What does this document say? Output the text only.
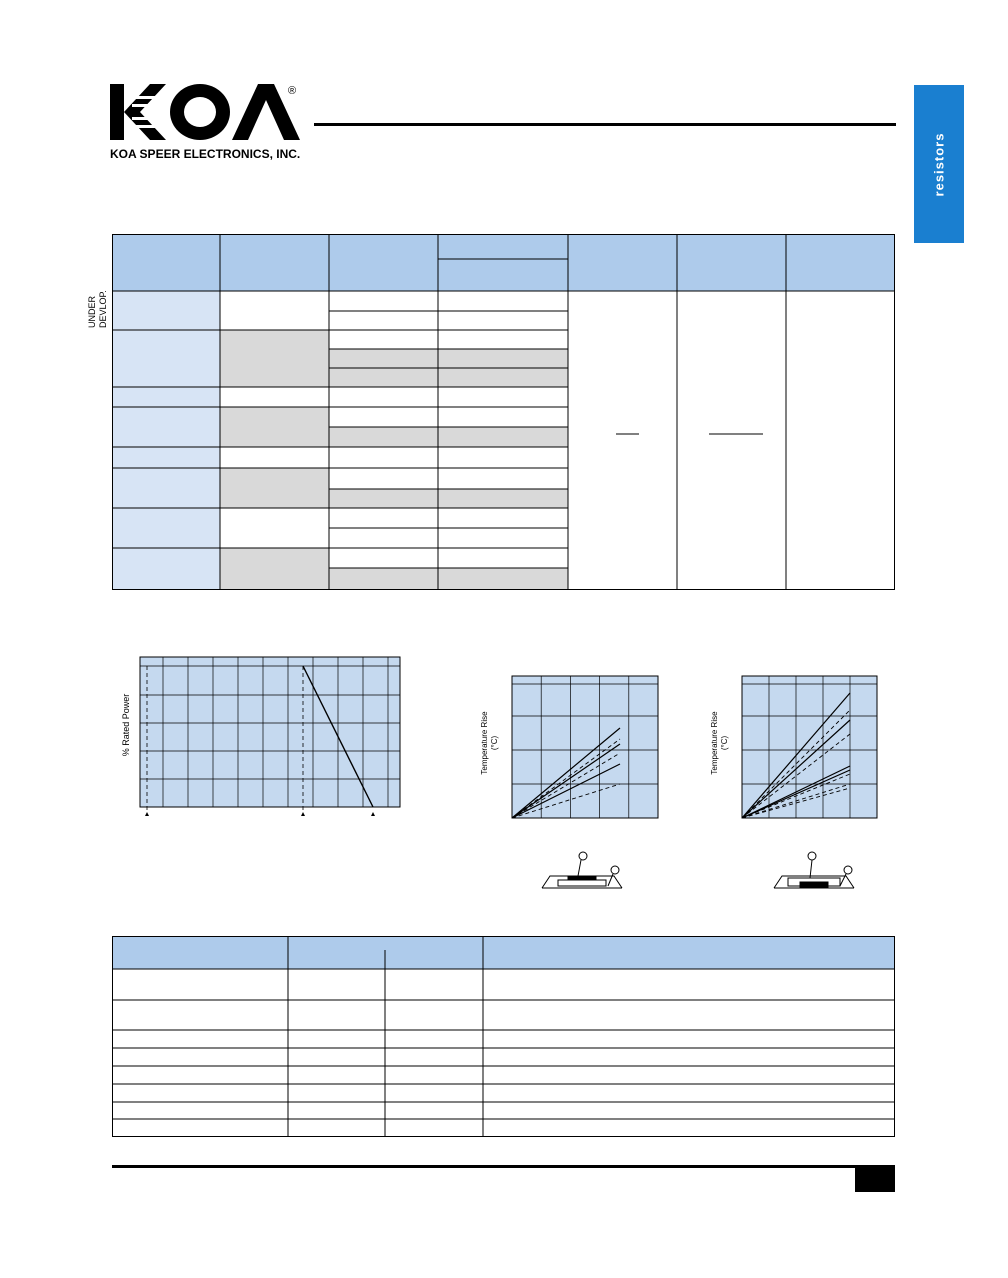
®
KOA SPEER ELECTRONICS, INC.	resistors
UNDER DEVLOP.
% Rated Power	Temperature Rise
(°C)	Temperature Rise
(°C)
